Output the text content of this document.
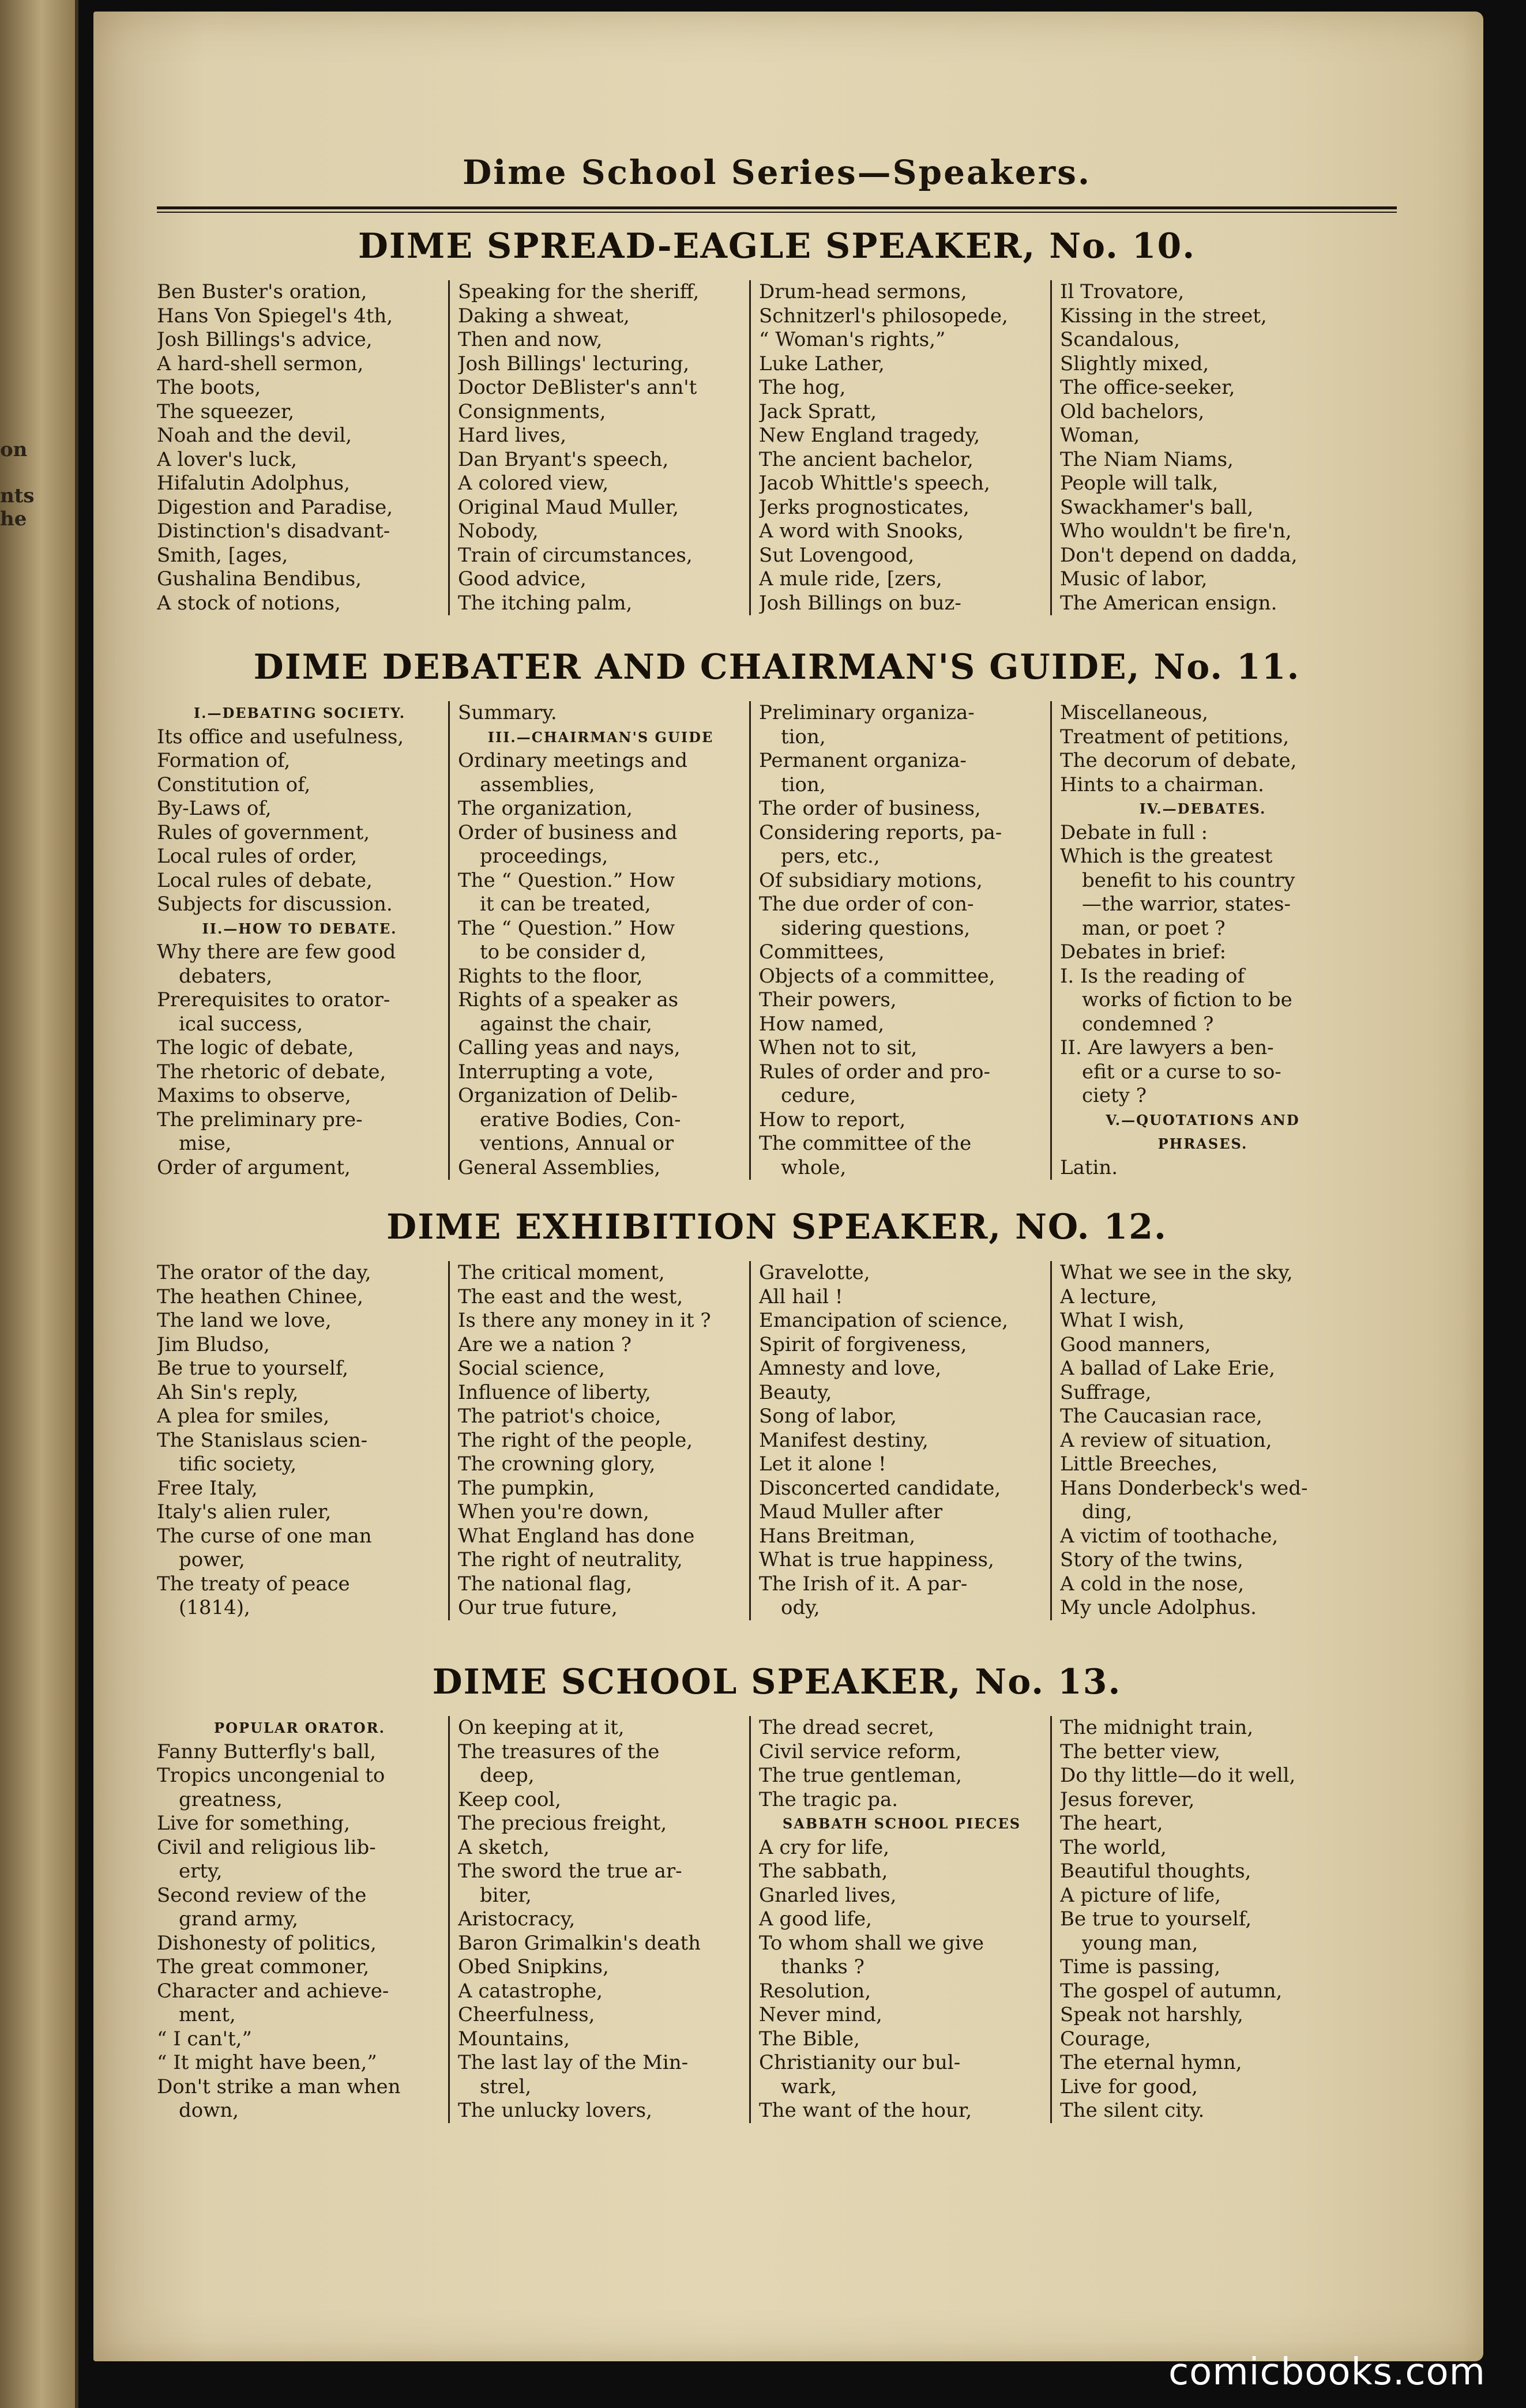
on
nts
he
Dime School Series—Speakers.
DIME SPREAD-EAGLE SPEAKER, No. 10.
Ben Buster's oration,
Hans Von Spiegel's 4th,
Josh Billings's advice,
A hard-shell sermon,
The boots,
The squeezer,
Noah and the devil,
A lover's luck,
Hifalutin Adolphus,
Digestion and Paradise,
Distinction's disadvant-
Smith, [ages,
Gushalina Bendibus,
A stock of notions,
Speaking for the sheriff,
Daking a shweat,
Then and now,
Josh Billings' lecturing,
Doctor DeBlister's ann't
Consignments,
Hard lives,
Dan Bryant's speech,
A colored view,
Original Maud Muller,
Nobody,
Train of circumstances,
Good advice,
The itching palm,
Drum-head sermons,
Schnitzerl's philosopede,
“ Woman's rights,”
Luke Lather,
The hog,
Jack Spratt,
New England tragedy,
The ancient bachelor,
Jacob Whittle's speech,
Jerks prognosticates,
A word with Snooks,
Sut Lovengood,
A mule ride, [zers,
Josh Billings on buz-
Il Trovatore,
Kissing in the street,
Scandalous,
Slightly mixed,
The office-seeker,
Old bachelors,
Woman,
The Niam Niams,
People will talk,
Swackhamer's ball,
Who wouldn't be fire'n,
Don't depend on dadda,
Music of labor,
The American ensign.
DIME DEBATER AND CHAIRMAN'S GUIDE, No. 11.
I.—DEBATING SOCIETY.
Its office and usefulness,
Formation of,
Constitution of,
By-Laws of,
Rules of government,
Local rules of order,
Local rules of debate,
Subjects for discussion.
II.—HOW TO DEBATE.
Why there are few good
debaters,
Prerequisites to orator-
ical success,
The logic of debate,
The rhetoric of debate,
Maxims to observe,
The preliminary pre-
mise,
Order of argument,
Summary.
III.—CHAIRMAN'S GUIDE
Ordinary meetings and
assemblies,
The organization,
Order of business and
proceedings,
The “ Question.” How
it can be treated,
The “ Question.” How
to be consider d,
Rights to the floor,
Rights of a speaker as
against the chair,
Calling yeas and nays,
Interrupting a vote,
Organization of Delib-
erative Bodies, Con-
ventions, Annual or
General Assemblies,
Preliminary organiza-
tion,
Permanent organiza-
tion,
The order of business,
Considering reports, pa-
pers, etc.,
Of subsidiary motions,
The due order of con-
sidering questions,
Committees,
Objects of a committee,
Their powers,
How named,
When not to sit,
Rules of order and pro-
cedure,
How to report,
The committee of the
whole,
Miscellaneous,
Treatment of petitions,
The decorum of debate,
Hints to a chairman.
IV.—DEBATES.
Debate in full :
Which is the greatest
benefit to his country
—the warrior, states-
man, or poet ?
Debates in brief:
I. Is the reading of
works of fiction to be
condemned ?
II. Are lawyers a ben-
efit or a curse to so-
ciety ?
V.—QUOTATIONS AND
PHRASES.
Latin.
DIME EXHIBITION SPEAKER, NO. 12.
The orator of the day,
The heathen Chinee,
The land we love,
Jim Bludso,
Be true to yourself,
Ah Sin's reply,
A plea for smiles,
The Stanislaus scien-
tific society,
Free Italy,
Italy's alien ruler,
The curse of one man
power,
The treaty of peace
(1814),
The critical moment,
The east and the west,
Is there any money in it ?
Are we a nation ?
Social science,
Influence of liberty,
The patriot's choice,
The right of the people,
The crowning glory,
The pumpkin,
When you're down,
What England has done
The right of neutrality,
The national flag,
Our true future,
Gravelotte,
All hail !
Emancipation of science,
Spirit of forgiveness,
Amnesty and love,
Beauty,
Song of labor,
Manifest destiny,
Let it alone !
Disconcerted candidate,
Maud Muller after
Hans Breitman,
What is true happiness,
The Irish of it. A par-
ody,
What we see in the sky,
A lecture,
What I wish,
Good manners,
A ballad of Lake Erie,
Suffrage,
The Caucasian race,
A review of situation,
Little Breeches,
Hans Donderbeck's wed-
ding,
A victim of toothache,
Story of the twins,
A cold in the nose,
My uncle Adolphus.
DIME SCHOOL SPEAKER, No. 13.
POPULAR ORATOR.
Fanny Butterfly's ball,
Tropics uncongenial to
greatness,
Live for something,
Civil and religious lib-
erty,
Second review of the
grand army,
Dishonesty of politics,
The great commoner,
Character and achieve-
ment,
“ I can't,”
“ It might have been,”
Don't strike a man when
down,
On keeping at it,
The treasures of the
deep,
Keep cool,
The precious freight,
A sketch,
The sword the true ar-
biter,
Aristocracy,
Baron Grimalkin's death
Obed Snipkins,
A catastrophe,
Cheerfulness,
Mountains,
The last lay of the Min-
strel,
The unlucky lovers,
The dread secret,
Civil service reform,
The true gentleman,
The tragic pa.
SABBATH SCHOOL PIECES
A cry for life,
The sabbath,
Gnarled lives,
A good life,
To whom shall we give
thanks ?
Resolution,
Never mind,
The Bible,
Christianity our bul-
wark,
The want of the hour,
The midnight train,
The better view,
Do thy little—do it well,
Jesus forever,
The heart,
The world,
Beautiful thoughts,
A picture of life,
Be true to yourself,
young man,
Time is passing,
The gospel of autumn,
Speak not harshly,
Courage,
The eternal hymn,
Live for good,
The silent city.
comicbooks.com
